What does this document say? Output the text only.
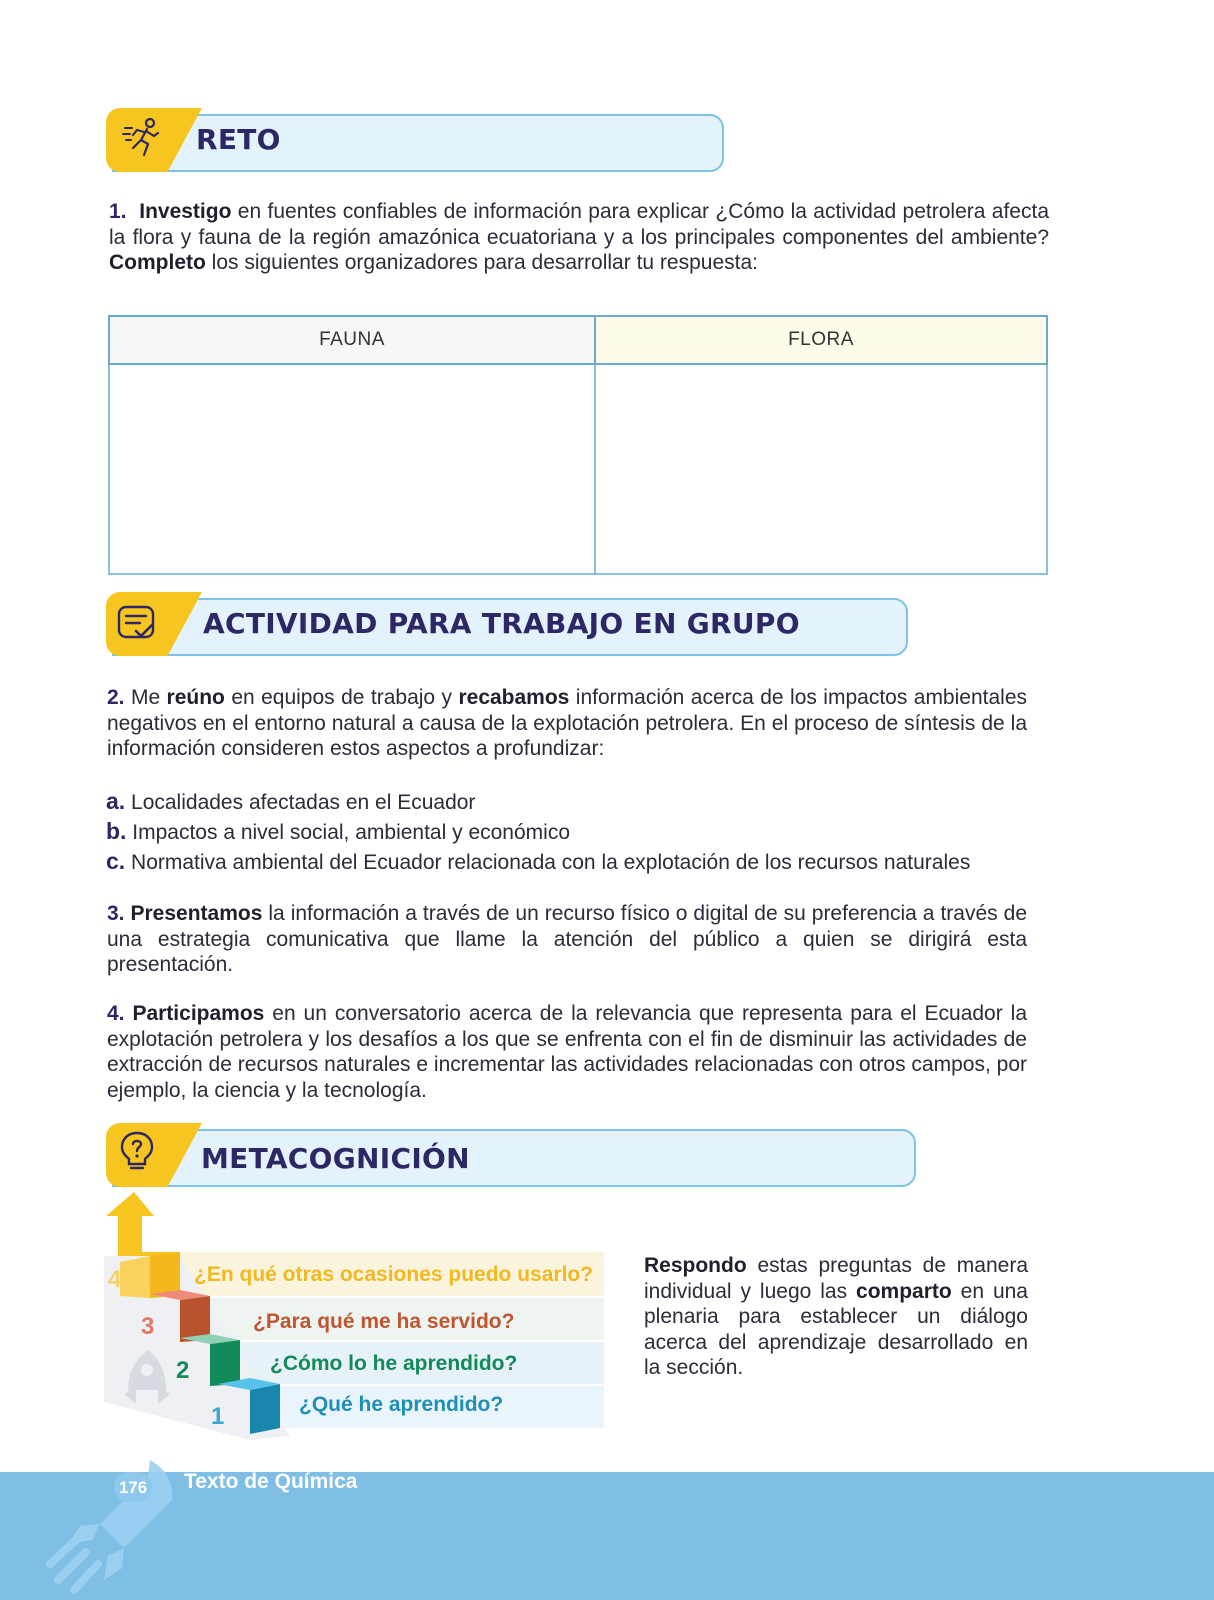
RETO
1. Investigo en fuentes confiables de información para explicar ¿Cómo la actividad petrolera afecta la flora y fauna de la región amazónica ecuatoriana y a los principales componentes del ambiente? Completo los siguientes organizadores para desarrollar tu respuesta:
FAUNA	FLORA

ACTIVIDAD PARA TRABAJO EN GRUPO
2. Me reúno en equipos de trabajo y recabamos información acerca de los impactos ambientales negativos en el entorno natural a causa de la explotación petrolera. En el proceso de síntesis de la información consideren estos aspectos a profundizar:
a. Localidades afectadas en el Ecuador
b. Impactos a nivel social, ambiental y económico
c. Normativa ambiental del Ecuador relacionada con la explotación de los recursos naturales
3. Presentamos la información a través de un recurso físico o digital de su preferencia a través de una estrategia comunicativa que llame la atención del público a quien se dirigirá esta presentación.
4. Participamos en un conversatorio acerca de la relevancia que representa para el Ecuador la explotación petrolera y los desafíos a los que se enfrenta con el fin de disminuir las actividades de extracción de recursos naturales e incrementar las actividades relacionadas con otros campos, por ejemplo, la ciencia y la tecnología.
METACOGNICIÓN
4
3
2
1
¿En qué otras ocasiones puedo usarlo?
¿Para qué me ha servido?
¿Cómo lo he aprendido?
¿Qué he aprendido?
Respondo estas preguntas de manera individual y luego las comparto en una plenaria para establecer un diálogo acerca del aprendizaje desarrollado en la sección.
176 Texto de Química
